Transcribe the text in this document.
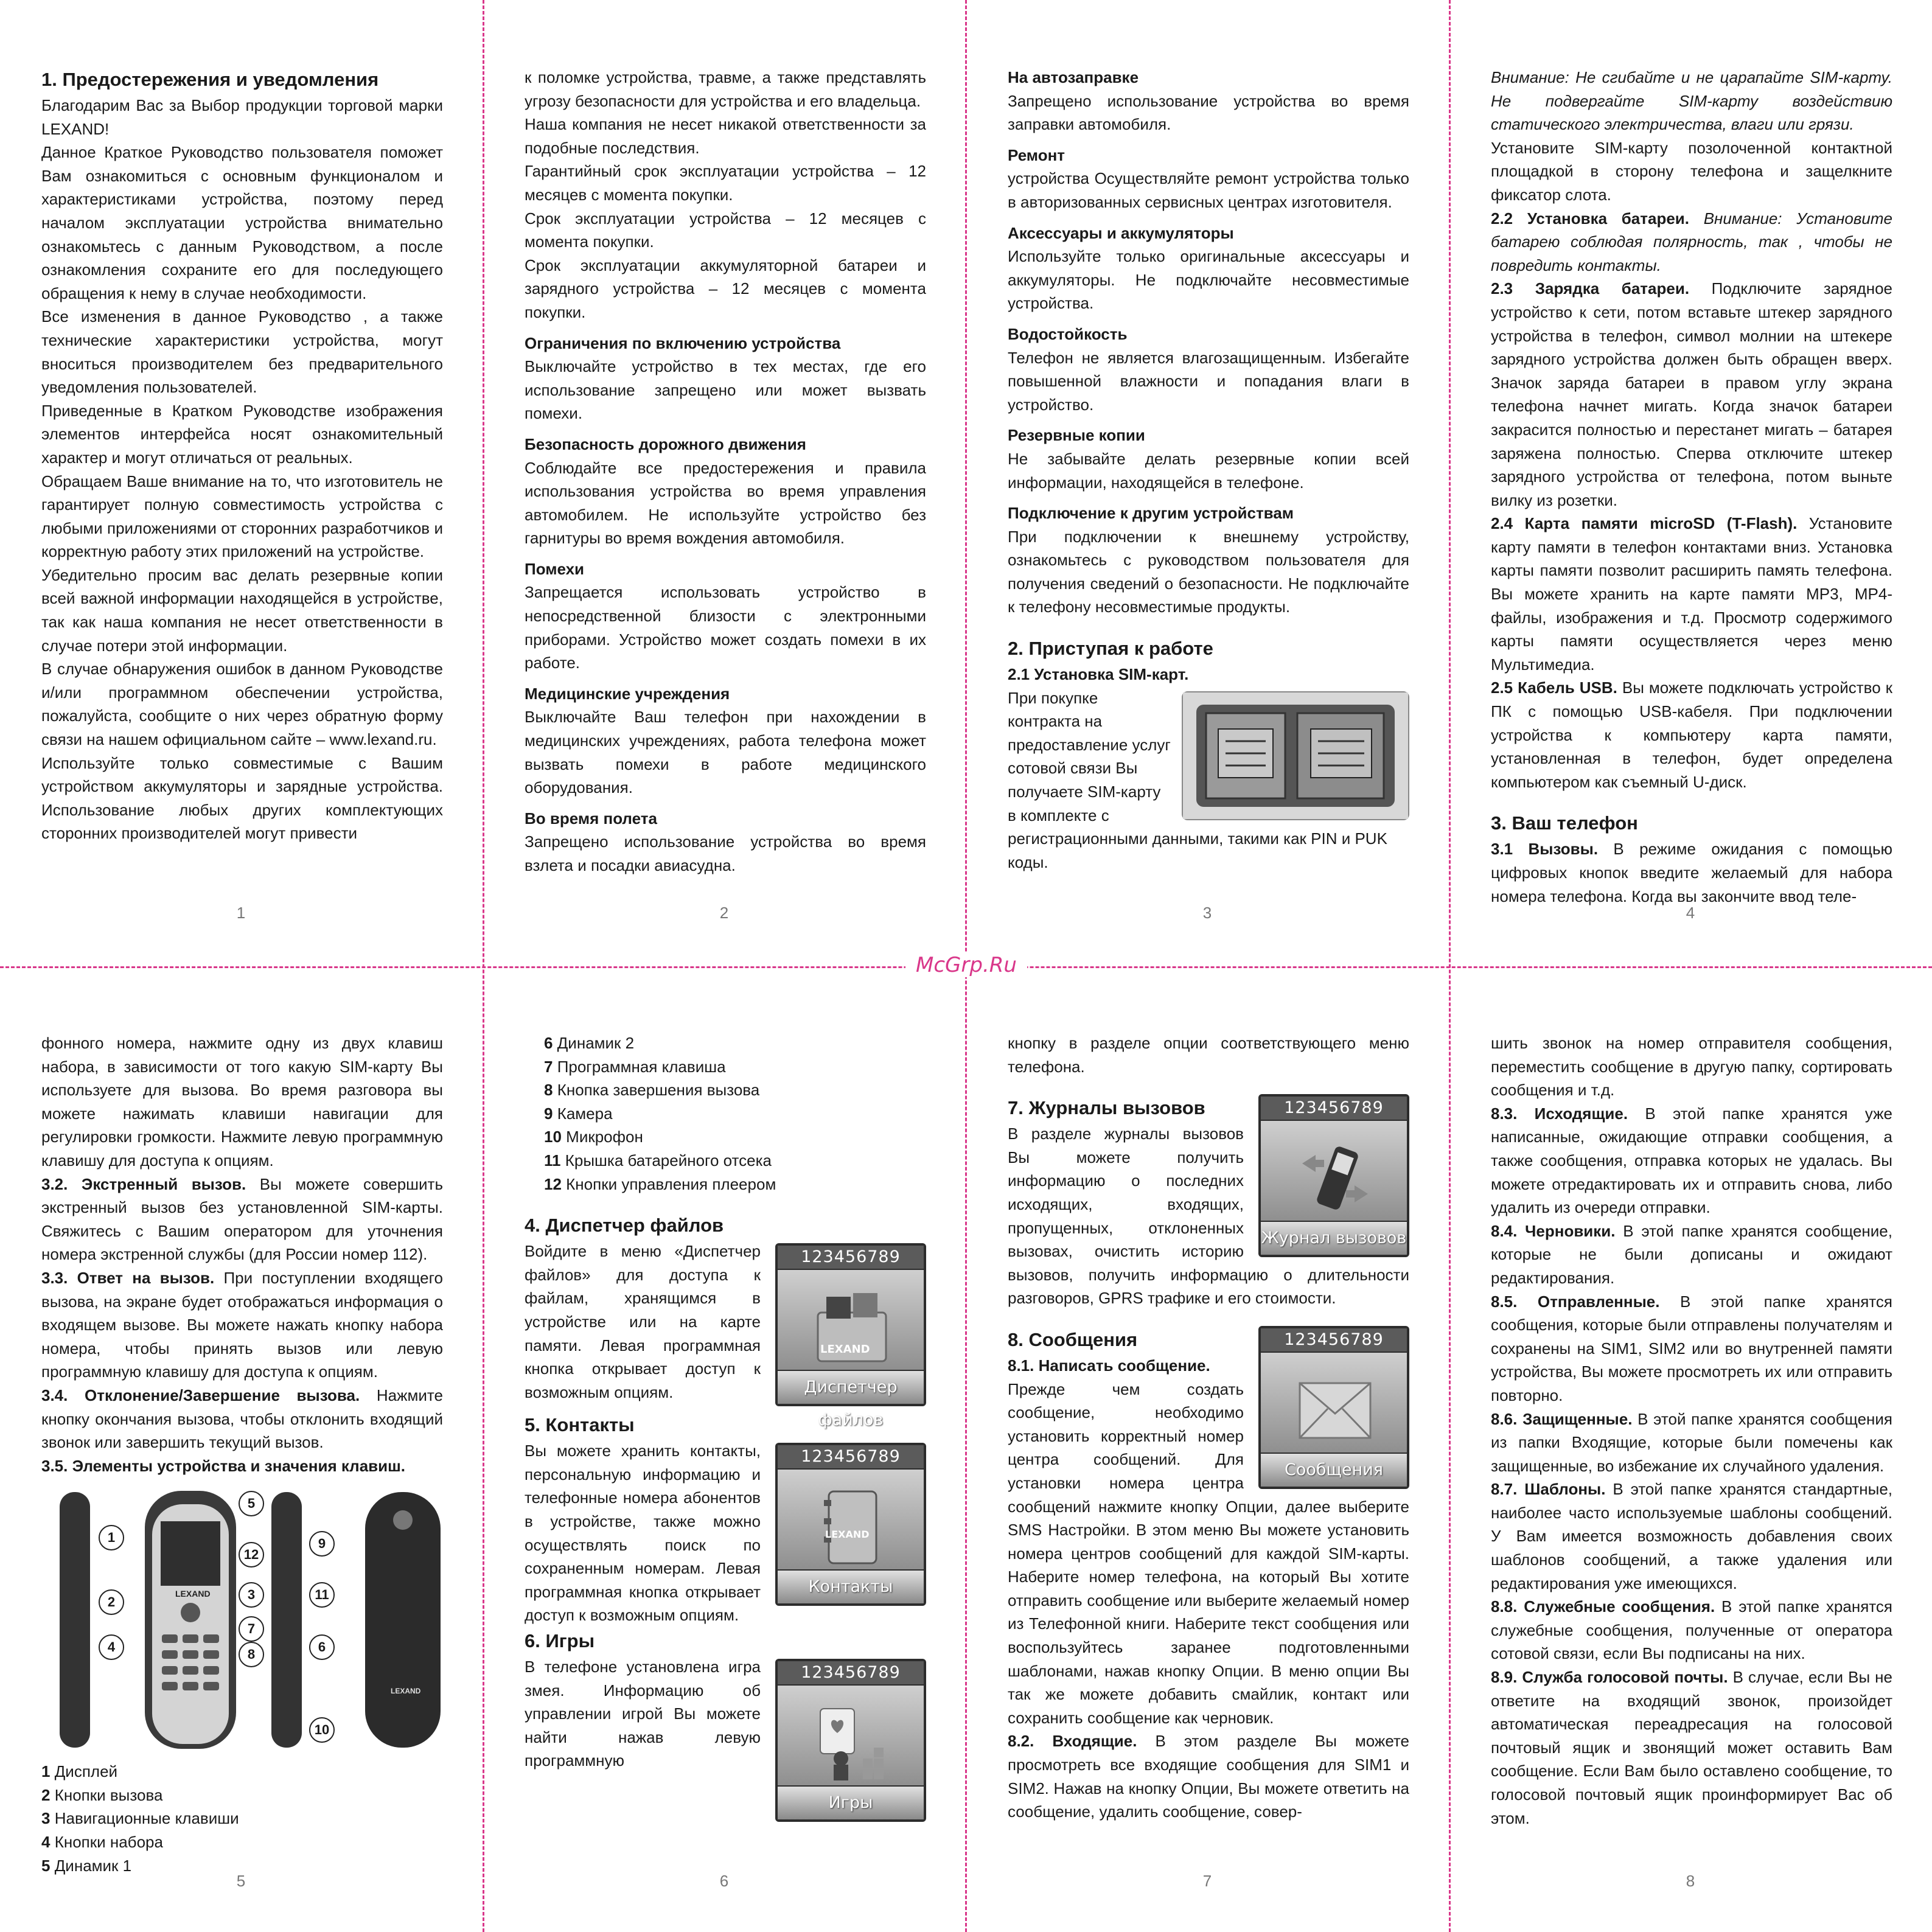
McGrp.Ru
1. Предостережения и уведомления

Благодарим Вас за Выбор продукции торговой марки LEXAND!

Данное Краткое Руководство пользователя поможет Вам ознакомиться с основным функционалом и характеристиками устройства, поэтому перед началом эксплуатации устройства внимательно ознакомьтесь с данным Руководством, а после ознакомления сохраните его для последующего обращения к нему в случае необходимости.

Все изменения в данное Руководство , а также технические характеристики устройства, могут вноситься производителем без предварительного уведомления пользователей.

Приведенные в Кратком Руководстве изображения элементов интерфейса носят ознакомительный характер и могут отличаться от реальных.

Обращаем Ваше внимание на то, что изготовитель не гарантирует полную совместимость устройства с любыми приложениями от сторонних разработчиков и корректную работу этих приложений на устройстве.

Убедительно просим вас делать резервные копии всей важной информации находящейся в устройстве, так как наша компания не несет ответственности в случае потери этой информации.

В случае обнаружения ошибок в данном Руководстве и/или программном обеспечении устройства, пожалуйста, сообщите о них через обратную форму связи на нашем официальном сайте – www.lexand.ru.

Используйте только совместимые с Вашим устройством аккумуляторы и зарядные устройства. Использование любых других комплектующих сторонних производителей могут привести

1

к поломке устройства, травме, а также представлять угрозу безопасности для устройства и его владельца.

Наша компания не несет никакой ответственности за подобные последствия.

Гарантийный срок эксплуатации устройства – 12 месяцев с момента покупки.

Срок эксплуатации устройства – 12 месяцев с момента покупки.

Срок эксплуатации аккумуляторной батареи и зарядного устройства – 12 месяцев с момента покупки.

Ограничения по включению устройства

Выключайте устройство в тех местах, где его использование запрещено или может вызвать помехи.

Безопасность дорожного движения

Соблюдайте все предостережения и правила использования устройства во время управления автомобилем. Не используйте устройство без гарнитуры во время вождения автомобиля.

Помехи

Запрещается использовать устройство в непосредственной близости с электронными приборами. Устройство может создать помехи в их работе.

Медицинские учреждения

Выключайте Ваш телефон при нахождении в медицинских учреждениях, работа телефона может вызвать помехи в работе медицинского оборудования.

Во время полета

Запрещено использование устройства во время взлета и посадки авиасудна.

2
На автозаправке

Запрещено использование устройства во время заправки автомобиля.

Ремонт

устройства Осуществляйте ремонт устройства только в авторизованных сервисных центрах изготовителя.

Аксессуары и аккумуляторы

Используйте только оригинальные аксессуары и аккумуляторы. Не подключайте несовместимые устройства.

Водостойкость

Телефон не является влагозащищенным. Избегайте повышенной влажности и попадания влаги в устройство.

Резервные копии

Не забывайте делать резервные копии всей информации, находящейся в телефоне.

Подключение к другим устройствам

При подключении к внешнему устройству, ознакомьтесь с руководством пользователя для получения сведений о безопасности. Не подключайте к телефону несовместимые продукты.

2. Приступая к работе
2.1 Установка SIM-карт.

При покупке контракта на предоставление услуг сотовой связи Вы получаете SIM-карту в комплекте с регистрационными данными, такими как PIN и PUK коды.

3

Внимание: Не сгибайте и не царапайте SIM-карту. Не подвергайте SIM-карту воздействию статического электричества, влаги или грязи.

Установите SIM-карту позолоченной контактной площадкой в сторону телефона и защелкните фиксатор слота.

2.2 Установка батареи. Внимание: Установите батарею соблюдая полярность, так , чтобы не повредить контакты.

2.3 Зарядка батареи. Подключите зарядное устройство к сети, потом вставьте штекер зарядного устройства в телефон, символ молнии на штекере зарядного устройства должен быть обращен вверх. Значок заряда батареи в правом углу экрана телефона начнет мигать. Когда значок батареи закрасится полностью и перестанет мигать – батарея заряжена полностью. Сперва отключите штекер зарядного устройства от телефона, потом выньте вилку из розетки.

2.4 Карта памяти microSD (T-Flash). Установите карту памяти в телефон контактами вниз. Установка карты памяти позволит расширить память телефона. Вы можете хранить на карте памяти MP3, MP4-файлы, изображения и т.д. Просмотр содержимого карты памяти осуществляется через меню Мультимедиа.

2.5 Кабель USB. Вы можете подключать устройство к ПК с помощью USB-кабеля. При подключении устройства к компьютеру карта памяти, установленная в телефон, будет определена компьютером как съемный U-диск.

3. Ваш телефон

3.1 Вызовы. В режиме ожидания с помощью цифровых кнопок введите желаемый для набора номера телефона. Когда вы закончите ввод теле-

4

фонного номера, нажмите одну из двух клавиш набора, в зависимости от того какую SIM-карту Вы используете для вызова. Во время разговора вы можете нажимать клавиши навигации для регулировки громкости. Нажмите левую программную клавишу для доступа к опциям.

3.2. Экстренный вызов. Вы можете совершить экстренный вызов без установленной SIM-карты. Свяжитесь с Вашим оператором для уточнения номера экстренной службы (для России номер 112).

3.3. Ответ на вызов. При поступлении входящего вызова, на экране будет отображаться информация о входящем вызове. Вы можете нажать кнопку набора номера, чтобы принять вызов или левую программную клавишу для доступа к опциям.

3.4. Отклонение/Завершение вызова. Нажмите кнопку окончания вызова, чтобы отклонить входящий звонок или завершить текущий вызов.

3.5. Элементы устройства и значения клавиш.
LEXAND
LEXAND
1
2	3
4
5
6
7
8
9
10
11
12

1 Дисплей

2 Кнопки вызова

3 Навигационные клавиши

4 Кнопки набора

5 Динамик 1

5

6 Динамик 2

7 Программная клавиша

8 Кнопка завершения вызова

9 Камера

10 Микрофон

11 Крышка батарейного отсека

12 Кнопки управления плеером

4. Диспетчер файлов
123456789
LEXAND
Диспетчер файлов

Войдите в меню «Диспетчер файлов» для доступа к файлам, хранящимся в устройстве или на карте памяти. Левая программная кнопка открывает доступ к возможным опциям.

5. Контакты
123456789
LEXAND
Контакты

Вы можете хранить контакты, персональную информацию и телефонные номера абонентов в устройстве, также можно осуществлять поиск по сохраненным номерам. Левая программная кнопка открывает доступ к возможным опциям.

6. Игры
123456789
Игры

В телефоне установлена игра змея. Информацию об управлении игрой Вы можете найти нажав левую программную

6

кнопку в разделе опции соответствующего меню телефона.

123456789
Журнал вызовов
7. Журналы вызовов

В разделе журналы вызовов Вы можете получить информацию о последних исходящих, входящих, пропущенных, отклоненных вызовах, очистить историю вызовов, получить информацию о длительности разговоров, GPRS трафике и его стоимости.

123456789
Сообщения
8. Сообщения
8.1. Написать сообщение.

Прежде чем создать сообщение, необходимо установить корректный номер центра сообщений. Для установки номера центра сообщений нажмите кнопку Опции, далее выберите SMS Настройки. В этом меню Вы можете установить номера центров сообщений для каждой SIM-карты. Наберите номер телефона, на который Вы хотите отправить сообщение или выберите желаемый номер из Телефонной книги. Наберите текст сообщения или воспользуйтесь заранее подготовленными шаблонами, нажав кнопку Опции. В меню опции Вы так же можете добавить смайлик, контакт или сохранить сообщение как черновик.

8.2. Входящие. В этом разделе Вы можете просмотреть все входящие сообщения для SIM1 и SIM2. Нажав на кнопку Опции, Вы можете ответить на сообщение, удалить сообщение, совер-

7

шить звонок на номер отправителя сообщения, переместить сообщение в другую папку, сортировать сообщения и т.д.

8.3. Исходящие. В этой папке хранятся уже написанные, ожидающие отправки сообщения, а также сообщения, отправка которых не удалась. Вы можете отредактировать их и отправить снова, либо удалить из очереди отправки.

8.4. Черновики. В этой папке хранятся сообщение, которые не были дописаны и ожидают редактирования.

8.5. Отправленные. В этой папке хранятся сообщения, которые были отправлены получателям и сохранены на SIM1, SIM2 или во внутренней памяти устройства, Вы можете просмотреть их или отправить повторно.

8.6. Защищенные. В этой папке хранятся сообщения из папки Входящие, которые были помечены как защищенные, во избежание их случайного удаления.

8.7. Шаблоны. В этой папке хранятся стандартные, наиболее часто используемые шаблоны сообщений. У Вам имеется возможность добавления своих шаблонов сообщений, а также удаления или редактирования уже имеющихся.

8.8. Служебные сообщения. В этой папке хранятся служебные сообщения, полученные от оператора сотовой связи, если Вы подписаны на них.

8.9. Служба голосовой почты. В случае, если Вы не ответите на входящий звонок, произойдет автоматическая переадресация на голосовой почтовый ящик и звонящий может оставить Вам сообщение. Если Вам было оставлено сообщение, то голосовой почтовый ящик проинформирует Вас об этом.

8
